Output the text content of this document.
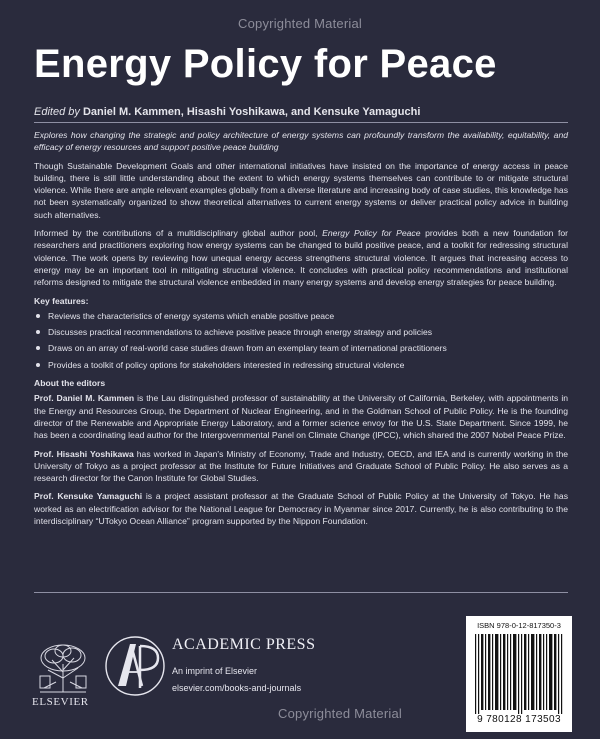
Copyrighted Material
Energy Policy for Peace
Edited by Daniel M. Kammen, Hisashi Yoshikawa, and Kensuke Yamaguchi

Explores how changing the strategic and policy architecture of energy systems can profoundly transform the availability, equitability, and efficacy of energy resources and support positive peace building

Though Sustainable Development Goals and other international initiatives have insisted on the importance of energy access in peace building, there is still little understanding about the extent to which energy systems themselves can contribute to or mitigate structural violence. While there are ample relevant examples globally from a diverse literature and increasing body of case studies, this knowledge has not been systematically organized to show theoretical alternatives to current energy systems or deliver practical policy advice in building such alternatives.

Informed by the contributions of a multidisciplinary global author pool, Energy Policy for Peace provides both a new foundation for researchers and practitioners exploring how energy systems can be changed to build positive peace, and a toolkit for redressing structural violence. The work opens by reviewing how unequal energy access strengthens structural violence. It argues that increasing access to energy may be an important tool in mitigating structural violence. It concludes with practical policy recommendations and institutional reforms designed to mitigate the structural violence embedded in many energy systems and develop energy strategies for peace building.

Key features:
Reviews the characteristics of energy systems which enable positive peace
Discusses practical recommendations to achieve positive peace through energy strategy and policies
Draws on an array of real-world case studies drawn from an exemplary team of international practitioners
Provides a toolkit of policy options for stakeholders interested in redressing structural violence
About the editors

Prof. Daniel M. Kammen is the Lau distinguished professor of sustainability at the University of California, Berkeley, with appointments in the Energy and Resources Group, the Department of Nuclear Engineering, and in the Goldman School of Public Policy. He is the founding director of the Renewable and Appropriate Energy Laboratory, and a former science envoy for the U.S. State Department. Since 1999, he has been a coordinating lead author for the Intergovernmental Panel on Climate Change (IPCC), which shared the 2007 Nobel Peace Prize.

Prof. Hisashi Yoshikawa has worked in Japan's Ministry of Economy, Trade and Industry, OECD, and IEA and is currently working in the University of Tokyo as a project professor at the Institute for Future Initiatives and Graduate School of Public Policy. He also serves as a research director for the Canon Institute for Global Studies.

Prof. Kensuke Yamaguchi is a project assistant professor at the Graduate School of Public Policy at the University of Tokyo. He has worked as an electrification advisor for the National League for Democracy in Myanmar since 2017. Currently, he is also contributing to the interdisciplinary “UTokyo Ocean Alliance” program supported by the Nippon Foundation.

ELSEVIER
ACADEMIC PRESS
An imprint of Elsevier
elsevier.com/books-and-journals
ISBN 978-0-12-817350-3
9 780128 173503
Copyrighted Material
